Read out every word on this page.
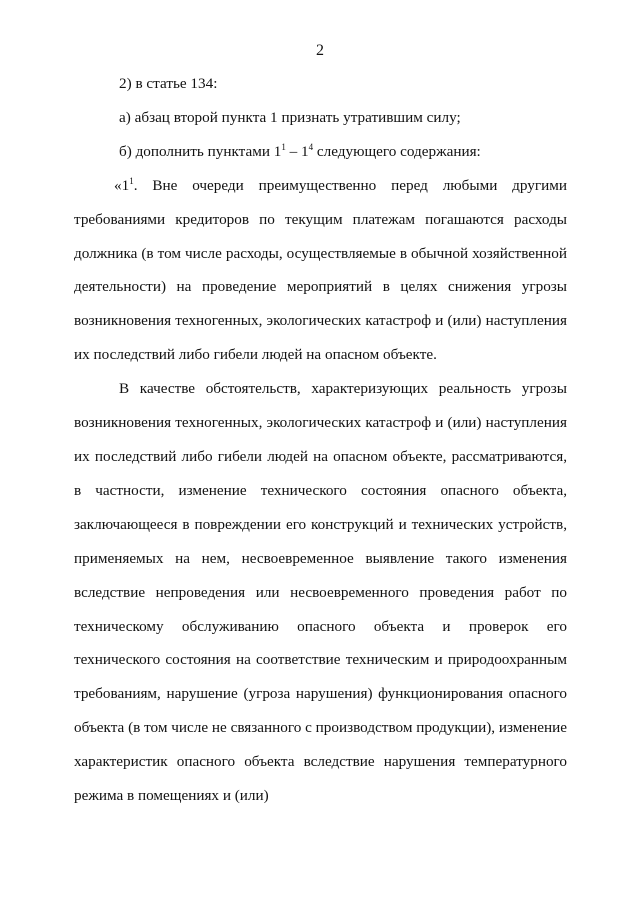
2

2) в статье 134:

а) абзац второй пункта 1 признать утратившим силу;

б) дополнить пунктами $1^1 - 1^4$ следующего содержания:

«$1^1$. Вне очереди преимущественно перед любыми другими требованиями кредиторов по текущим платежам погашаются расходы должника (в том числе расходы, осуществляемые в обычной хозяйственной деятельности) на проведение мероприятий в целях снижения угрозы возникновения техногенных, экологических катастроф и (или) наступления их последствий либо гибели людей на опасном объекте.

В качестве обстоятельств, характеризующих реальность угрозы возникновения техногенных, экологических катастроф и (или) наступления их последствий либо гибели людей на опасном объекте, рассматриваются, в частности, изменение технического состояния опасного объекта, заключающееся в повреждении его конструкций и технических устройств, применяемых на нем, несвоевременное выявление такого изменения вследствие непроведения или несвоевременного проведения работ по техническому обслуживанию опасного объекта и проверок его технического состояния на соответствие техническим и природоохранным требованиям, нарушение (угроза нарушения) функционирования опасного объекта (в том числе не связанного с производством продукции), изменение характеристик опасного объекта вследствие нарушения температурного режима в помещениях и (или)
